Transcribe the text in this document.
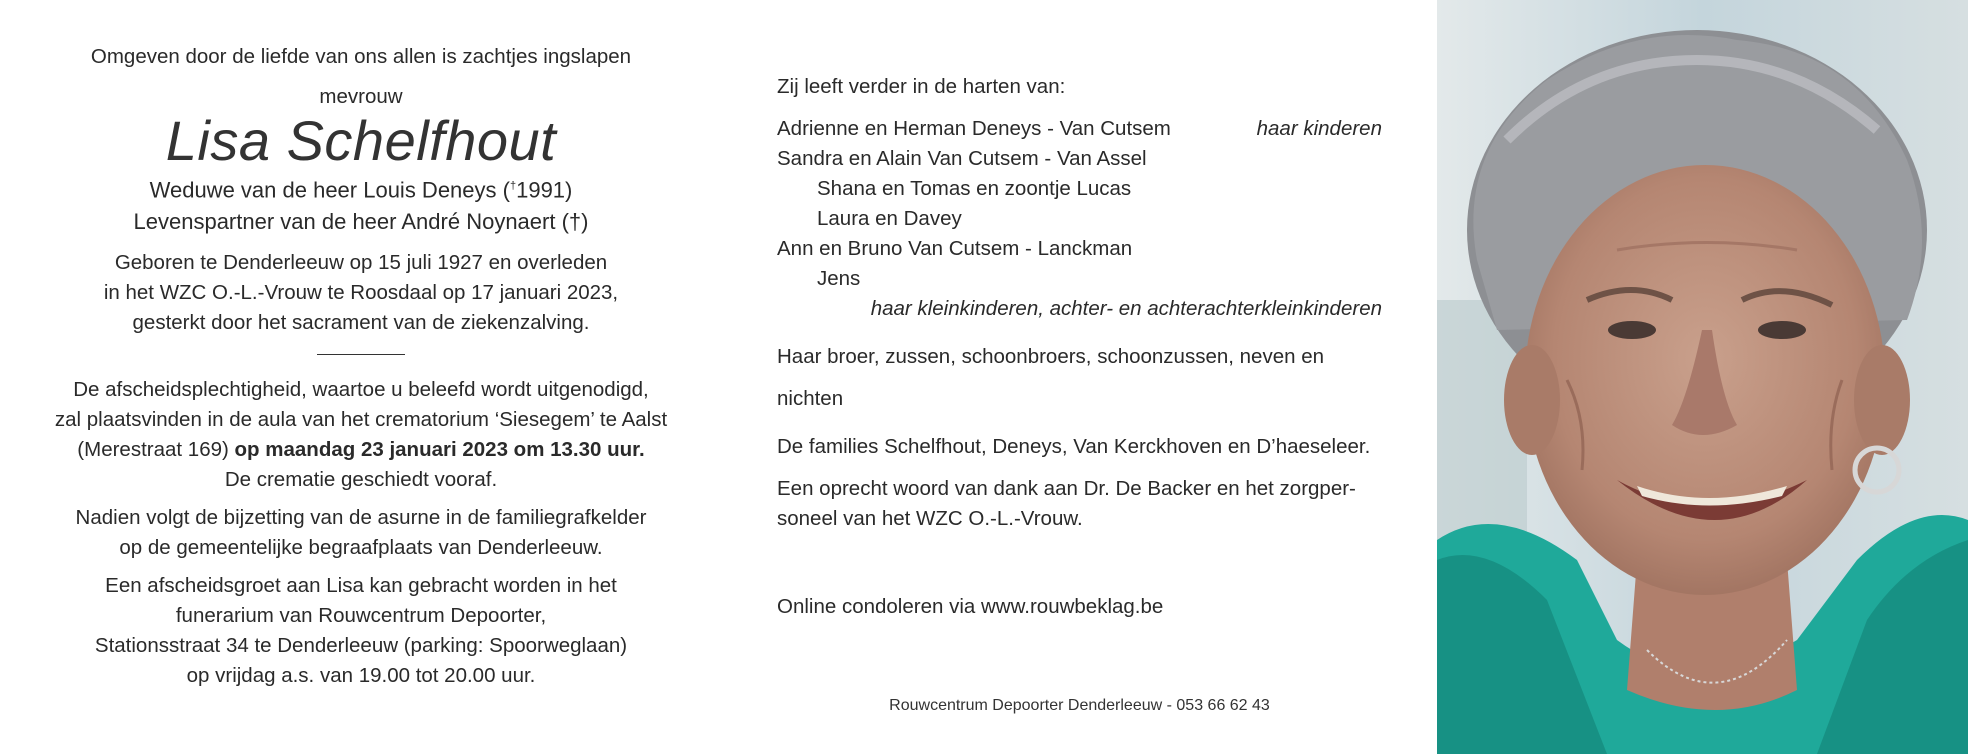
Omgeven door de liefde van ons allen is zachtjes ingslapen

mevrouw

Lisa Schelfhout

Weduwe van de heer Louis Deneys (†1991)

Levenspartner van de heer André Noynaert (†)

Geboren te Denderleeuw op 15 juli 1927 en overleden

in het WZC O.-L.-Vrouw te Roosdaal op 17 januari 2023,

gesterkt door het sacrament van de ziekenzalving.

De afscheidsplechtigheid, waartoe u beleefd wordt uitgenodigd,

zal plaatsvinden in de aula van het crematorium ‘Siesegem’ te Aalst

(Merestraat 169) op maandag 23 januari 2023 om 13.30 uur.

De crematie geschiedt vooraf.

Nadien volgt de bijzetting van de asurne in de familiegrafkelder

op de gemeentelijke begraafplaats van Denderleeuw.

Een afscheidsgroet aan Lisa kan gebracht worden in het

funerarium van Rouwcentrum Depoorter,

Stationsstraat 34 te Denderleeuw (parking: Spoorweglaan)

op vrijdag a.s. van 19.00 tot 20.00 uur.

Zij leeft verder in de harten van:

Adrienne en Herman Deneys - Van Cutsem	haar kinderen

Sandra en Alain Van Cutsem - Van Assel

Shana en Tomas en zoontje Lucas

Laura en Davey

Ann en Bruno Van Cutsem - Lanckman

Jens

haar kleinkinderen, achter- en achterachterkleinkinderen

Haar broer, zussen, schoonbroers, schoonzussen, neven en

nichten

De families Schelfhout, Deneys, Van Kerckhoven en D’haeseleer.

Een oprecht woord van dank aan Dr. De Backer en het zorgper-

soneel van het WZC O.-L.-Vrouw.

Online condoleren via www.rouwbeklag.be

Rouwcentrum Depoorter Denderleeuw - 053 66 62 43
